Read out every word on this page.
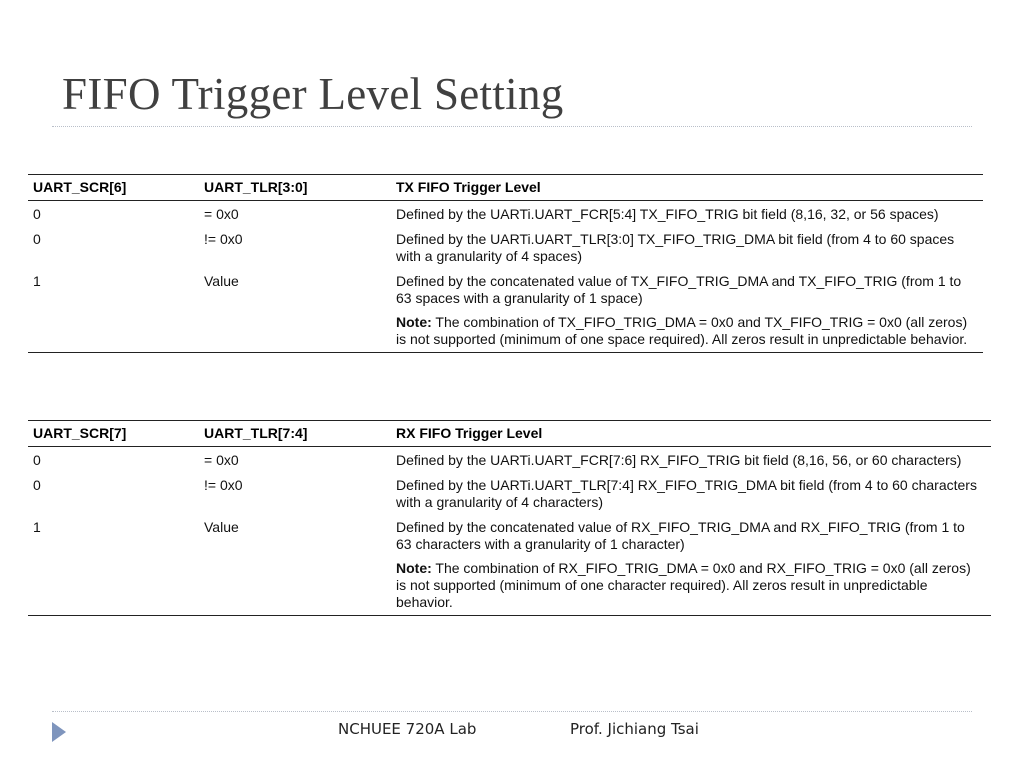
FIFO Trigger Level Setting
UART_SCR[6]	UART_TLR[3:0]	TX FIFO Trigger Level
0	= 0x0	Defined by the UARTi.UART_FCR[5:4] TX_FIFO_TRIG bit field (8,16, 32, or 56 spaces)
0	!= 0x0	Defined by the UARTi.UART_TLR[3:0] TX_FIFO_TRIG_DMA bit field (from 4 to 60 spaces with a granularity of 4 spaces)
1	Value	Defined by the concatenated value of TX_FIFO_TRIG_DMA and TX_FIFO_TRIG (from 1 to 63 spaces with a granularity of 1 space)
		Note: The combination of TX_FIFO_TRIG_DMA = 0x0 and TX_FIFO_TRIG = 0x0 (all zeros) is not supported (minimum of one space required). All zeros result in unpredictable behavior.
UART_SCR[7]	UART_TLR[7:4]	RX FIFO Trigger Level
0	= 0x0	Defined by the UARTi.UART_FCR[7:6] RX_FIFO_TRIG bit field (8,16, 56, or 60 characters)
0	!= 0x0	Defined by the UARTi.UART_TLR[7:4] RX_FIFO_TRIG_DMA bit field (from 4 to 60 characters with a granularity of 4 characters)
1	Value	Defined by the concatenated value of RX_FIFO_TRIG_DMA and RX_FIFO_TRIG (from 1 to 63 characters with a granularity of 1 character)
		Note: The combination of RX_FIFO_TRIG_DMA = 0x0 and RX_FIFO_TRIG = 0x0 (all zeros) is not supported (minimum of one character required). All zeros result in unpredictable behavior.
NCHUEE 720A Lab	Prof. Jichiang Tsai
